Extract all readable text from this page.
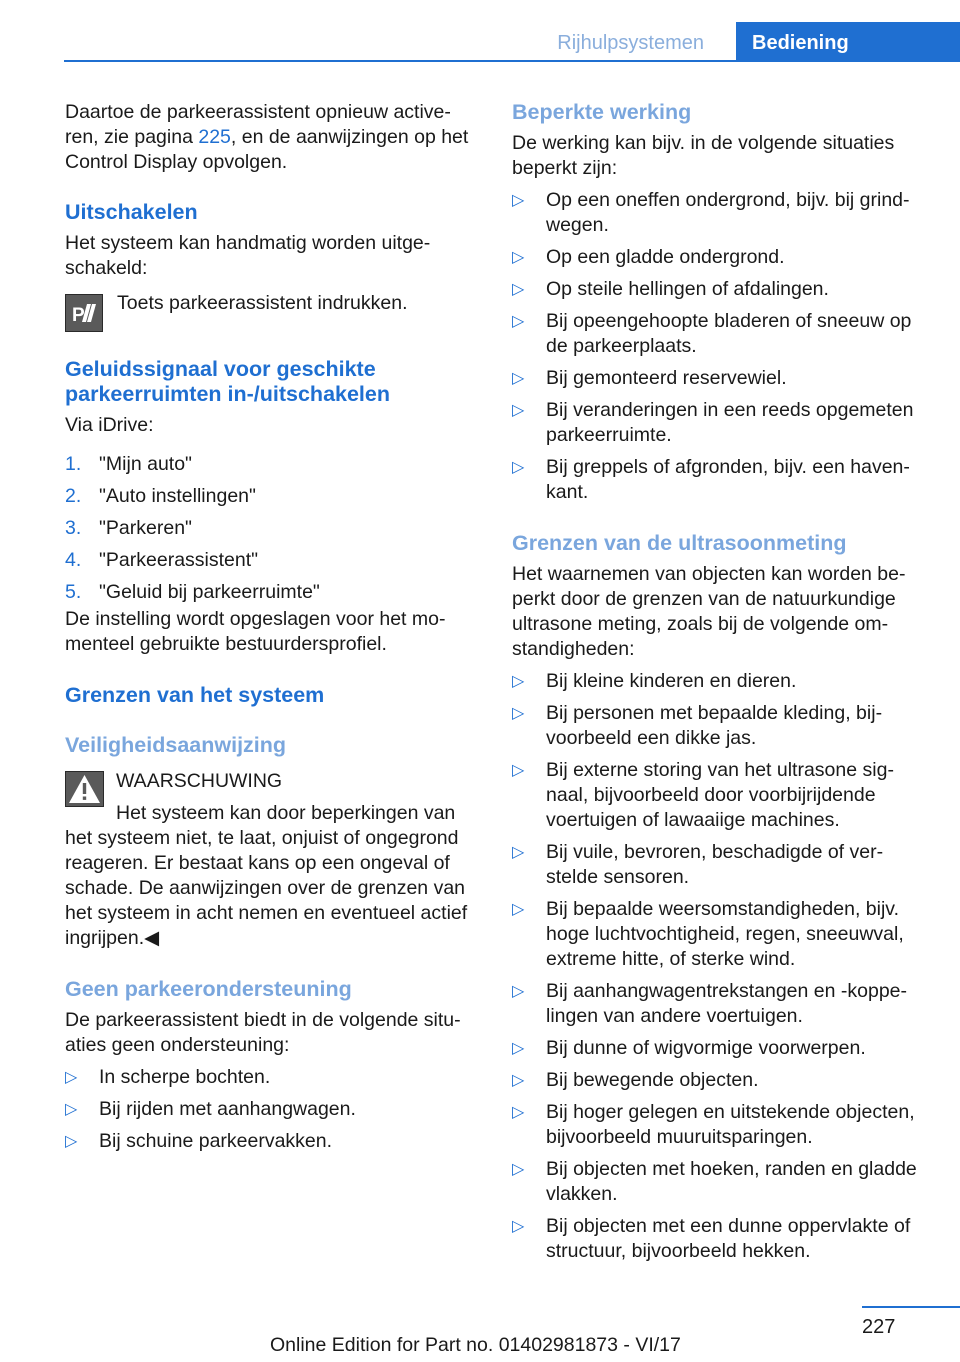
Rijhulpsystemen	Bediening

Daartoe de parkeerassistent opnieuw activeren, zie pagina 225, en de aanwijzingen op het Control Display opvolgen.

Uitschakelen

Het systeem kan handmatig worden uitgeschakeld:

P

Toets parkeerassistent indrukken.

Geluidssignaal voor geschikte parkeerruimten in-/uitschakelen

Via iDrive:

1. "Mijn auto"
2. "Auto instellingen"
3. "Parkeren"
4. "Parkeerassistent"
5. "Geluid bij parkeerruimte"

De instelling wordt opgeslagen voor het momenteel gebruikte bestuurdersprofiel.

Grenzen van het systeem
Veiligheidsaanwijzing

WAARSCHUWING

Het systeem kan door beperkingen van het systeem niet, te laat, onjuist of ongegrond reageren. Er bestaat kans op een ongeval of schade. De aanwijzingen over de grenzen van het systeem in acht nemen en eventueel actief ingrijpen.◀

Geen parkeerondersteuning

De parkeerassistent biedt in de volgende situaties geen ondersteuning:

▷ In scherpe bochten.
▷ Bij rijden met aanhangwagen.
▷ Bij schuine parkeervakken.
Beperkte werking

De werking kan bijv. in de volgende situaties beperkt zijn:

▷ Op een oneffen ondergrond, bijv. bij grindwegen.
▷ Op een gladde ondergrond.
▷ Op steile hellingen of afdalingen.
▷ Bij opeengehoopte bladeren of sneeuw op de parkeerplaats.
▷ Bij gemonteerd reservewiel.
▷ Bij veranderingen in een reeds opgemeten parkeerruimte.
▷ Bij greppels of afgronden, bijv. een havenkant.
Grenzen van de ultrasoonmeting

Het waarnemen van objecten kan worden beperkt door de grenzen van de natuurkundige ultrasone meting, zoals bij de volgende omstandigheden:

▷ Bij kleine kinderen en dieren.
▷ Bij personen met bepaalde kleding, bijvoorbeeld een dikke jas.
▷ Bij externe storing van het ultrasone signaal, bijvoorbeeld door voorbijrijdende voertuigen of lawaaiige machines.
▷ Bij vuile, bevroren, beschadigde of verstelde sensoren.
▷ Bij bepaalde weersomstandigheden, bijv. hoge luchtvochtigheid, regen, sneeuwval, extreme hitte, of sterke wind.
▷ Bij aanhangwagentrekstangen en -koppelingen van andere voertuigen.
▷ Bij dunne of wigvormige voorwerpen.
▷ Bij bewegende objecten.
▷ Bij hoger gelegen en uitstekende objecten, bijvoorbeeld muuruitsparingen.
▷ Bij objecten met hoeken, randen en gladde vlakken.
▷ Bij objecten met een dunne oppervlakte of structuur, bijvoorbeeld hekken.
227
Online Edition for Part no. 01402981873 - VI/17
